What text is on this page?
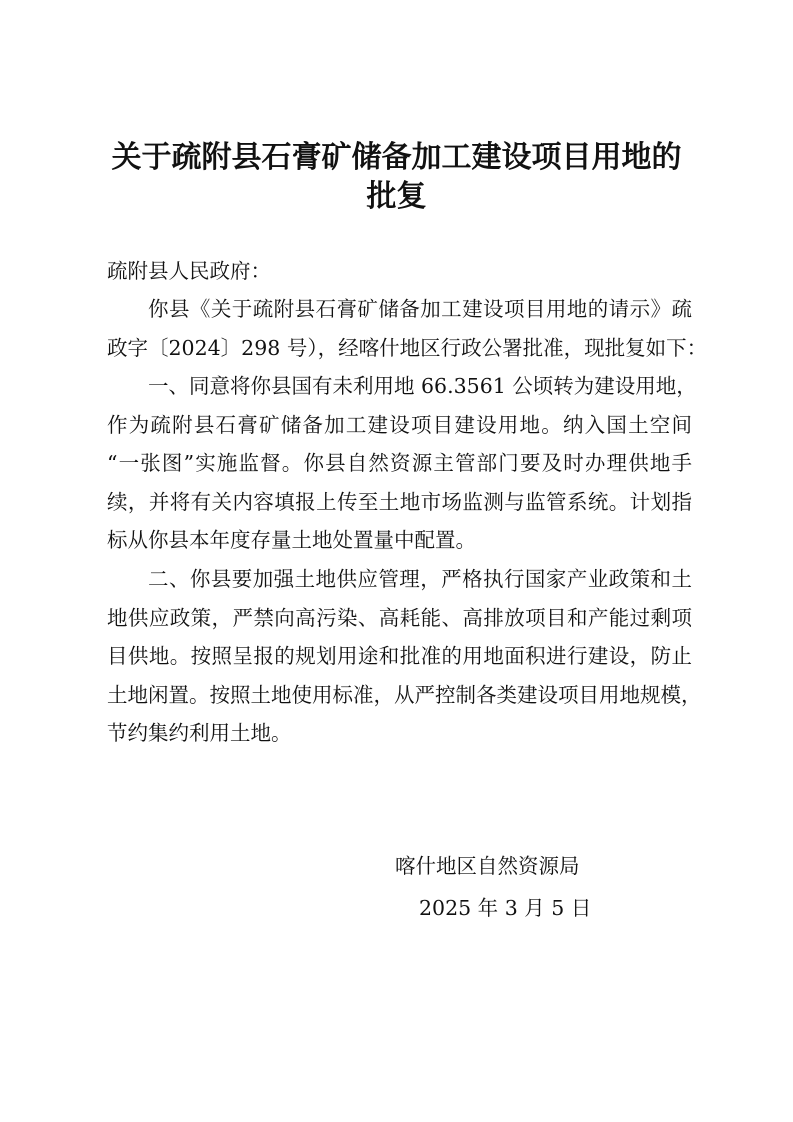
关于疏附县石膏矿储备加工建设项目用地的
批复

疏附县人民政府：

你县《关于疏附县石膏矿储备加工建设项目用地的请示》疏
政字〔2024〕298 号），经喀什地区行政公署批准，现批复如下：

一、同意将你县国有未利用地 66.3561 公顷转为建设用地，
作为疏附县石膏矿储备加工建设项目建设用地。纳入国土空间
“一张图”实施监督。你县自然资源主管部门要及时办理供地手
续，并将有关内容填报上传至土地市场监测与监管系统。计划指
标从你县本年度存量土地处置量中配置。

二、你县要加强土地供应管理，严格执行国家产业政策和土
地供应政策，严禁向高污染、高耗能、高排放项目和产能过剩项
目供地。按照呈报的规划用途和批准的用地面积进行建设，防止
土地闲置。按照土地使用标准，从严控制各类建设项目用地规模，
节约集约利用土地。

喀什地区自然资源局

2025 年 3 月 5 日
